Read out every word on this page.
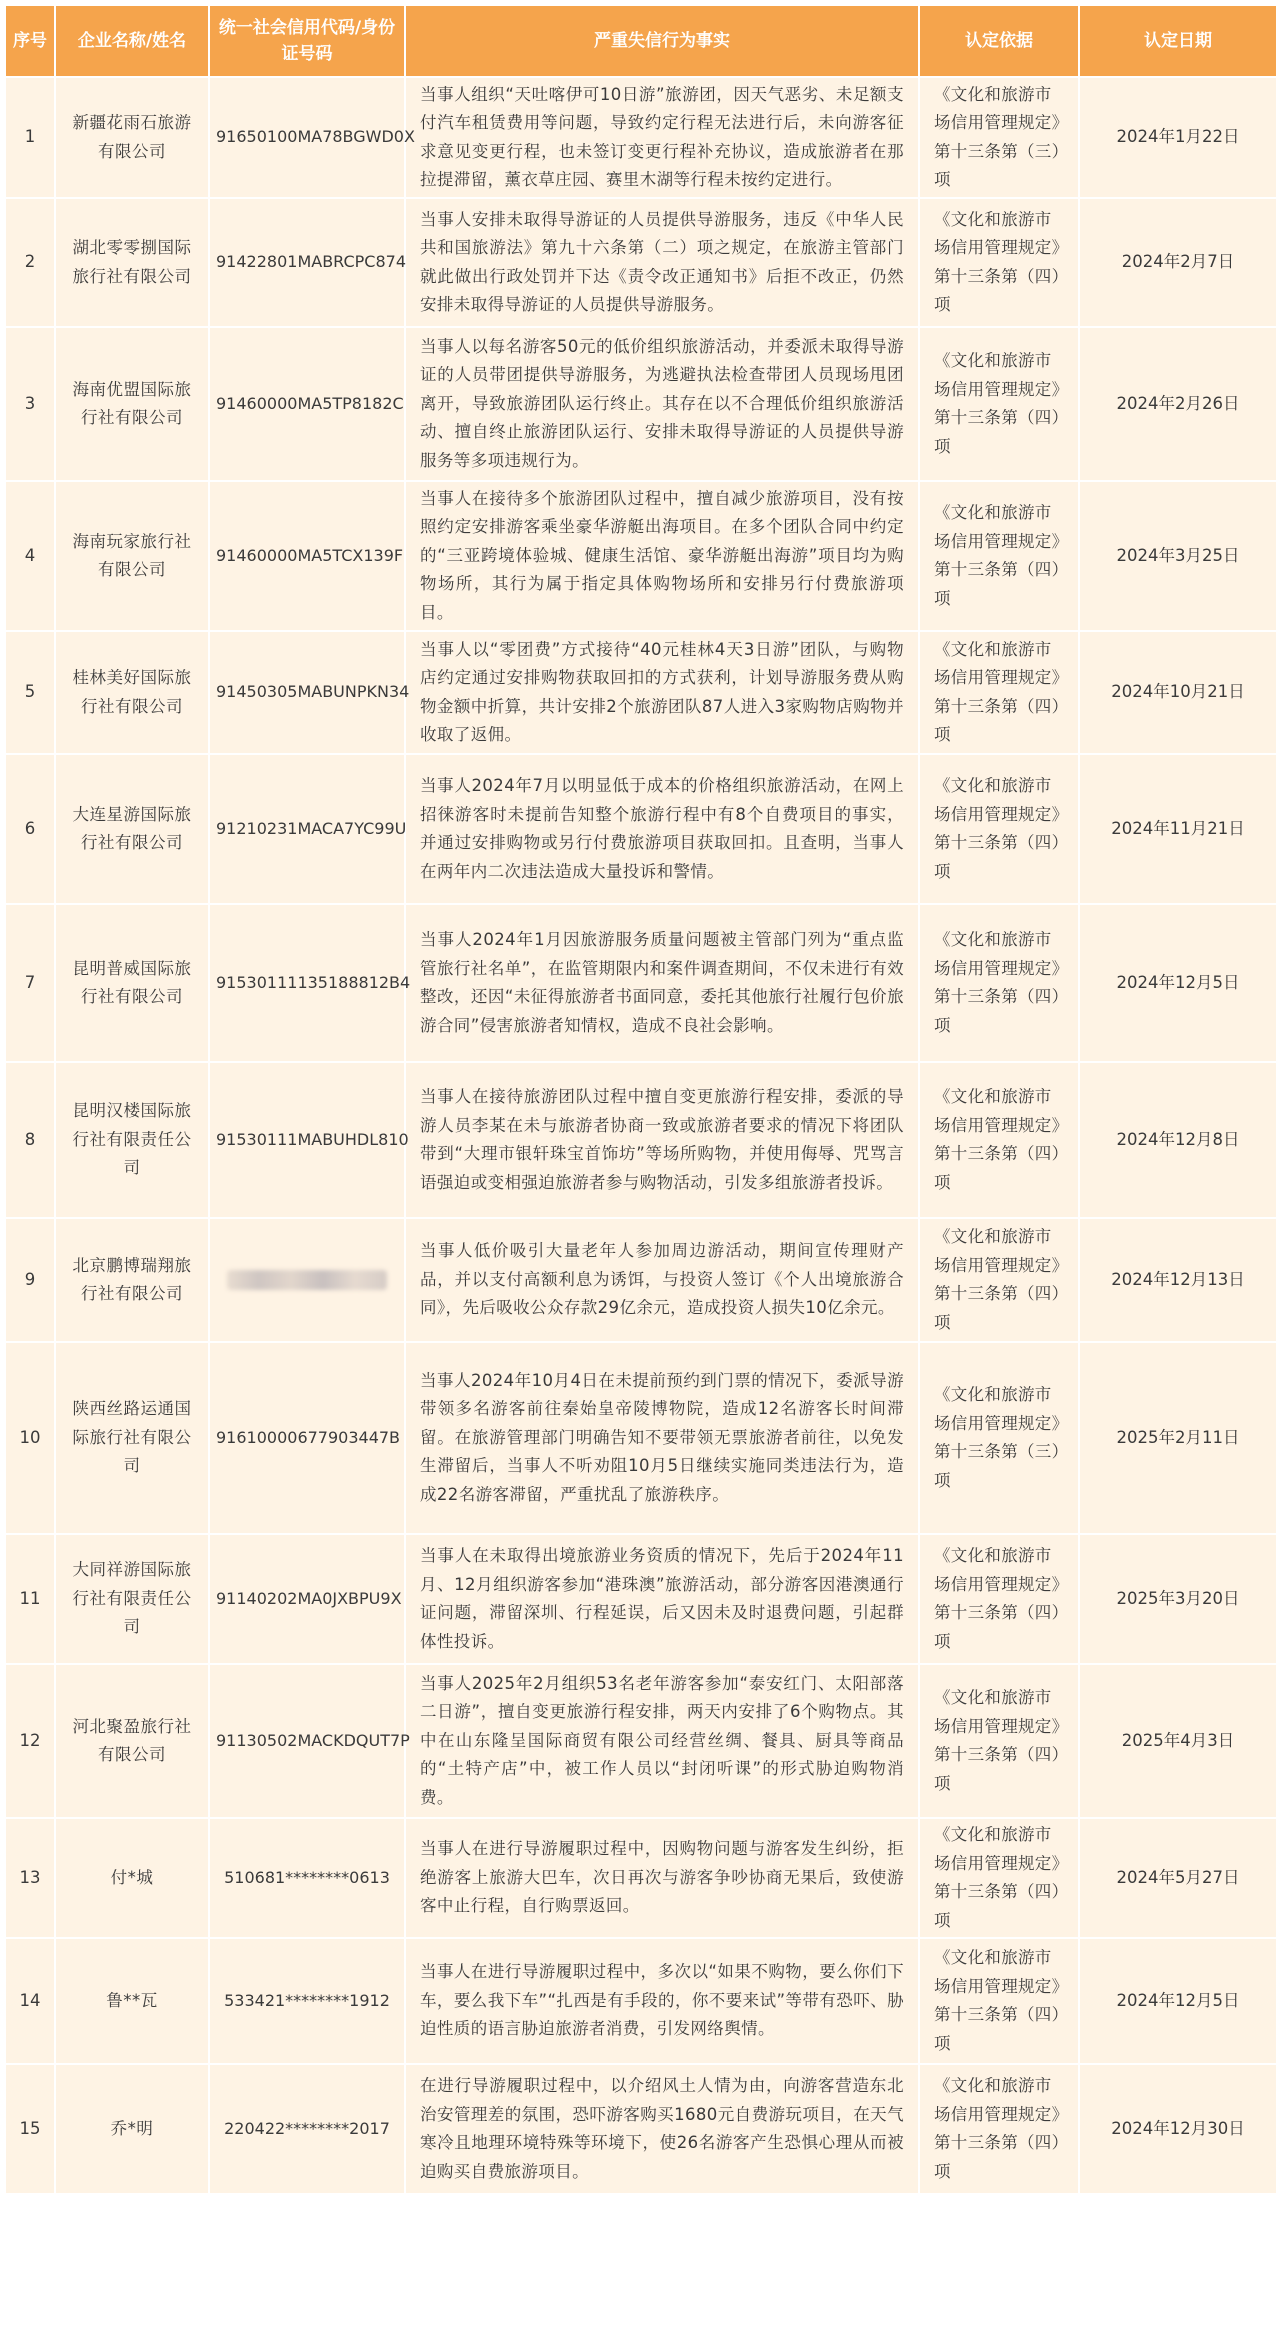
序号	企业名称/姓名	统一社会信用代码/身份证号码	严重失信行为事实	认定依据	认定日期
1	新疆花雨石旅游有限公司	91650100MA78BGWD0X	当事人组织“天吐喀伊可10日游”旅游团，因天气恶劣、未足额支付汽车租赁费用等问题，导致约定行程无法进行后，未向游客征求意见变更行程，也未签订变更行程补充协议，造成旅游者在那拉提滞留，薰衣草庄园、赛里木湖等行程未按约定进行。	《文化和旅游市场信用管理规定》第十三条第（三）项	2024年1月22日
2	湖北零零捌国际旅行社有限公司	91422801MABRCPC874	当事人安排未取得导游证的人员提供导游服务，违反《中华人民共和国旅游法》第九十六条第（二）项之规定，在旅游主管部门就此做出行政处罚并下达《责令改正通知书》后拒不改正，仍然安排未取得导游证的人员提供导游服务。	《文化和旅游市场信用管理规定》第十三条第（四）项	2024年2月7日
3	海南优盟国际旅行社有限公司	91460000MA5TP8182C	当事人以每名游客50元的低价组织旅游活动，并委派未取得导游证的人员带团提供导游服务，为逃避执法检查带团人员现场甩团离开，导致旅游团队运行终止。其存在以不合理低价组织旅游活动、擅自终止旅游团队运行、安排未取得导游证的人员提供导游服务等多项违规行为。	《文化和旅游市场信用管理规定》第十三条第（四）项	2024年2月26日
4	海南玩家旅行社有限公司	91460000MA5TCX139F	当事人在接待多个旅游团队过程中，擅自减少旅游项目，没有按照约定安排游客乘坐豪华游艇出海项目。在多个团队合同中约定的“三亚跨境体验城、健康生活馆、豪华游艇出海游”项目均为购物场所，其行为属于指定具体购物场所和安排另行付费旅游项目。	《文化和旅游市场信用管理规定》第十三条第（四）项	2024年3月25日
5	桂林美好国际旅行社有限公司	91450305MABUNPKN34	当事人以“零团费”方式接待“40元桂林4天3日游”团队，与购物店约定通过安排购物获取回扣的方式获利，计划导游服务费从购物金额中折算，共计安排2个旅游团队87人进入3家购物店购物并收取了返佣。	《文化和旅游市场信用管理规定》第十三条第（四）项	2024年10月21日
6	大连星游国际旅行社有限公司	91210231MACA7YC99U	当事人2024年7月以明显低于成本的价格组织旅游活动，在网上招徕游客时未提前告知整个旅游行程中有8个自费项目的事实，并通过安排购物或另行付费旅游项目获取回扣。且查明，当事人在两年内二次违法造成大量投诉和警情。	《文化和旅游市场信用管理规定》第十三条第（四）项	2024年11月21日
7	昆明普威国际旅行社有限公司	91530111135188812B4	当事人2024年1月因旅游服务质量问题被主管部门列为“重点监管旅行社名单”，在监管期限内和案件调查期间，不仅未进行有效整改，还因“未征得旅游者书面同意，委托其他旅行社履行包价旅游合同”侵害旅游者知情权，造成不良社会影响。	《文化和旅游市场信用管理规定》第十三条第（四）项	2024年12月5日
8	昆明汉楼国际旅行社有限责任公司	91530111MABUHDL810	当事人在接待旅游团队过程中擅自变更旅游行程安排，委派的导游人员李某在未与旅游者协商一致或旅游者要求的情况下将团队带到“大理市银轩珠宝首饰坊”等场所购物，并使用侮辱、咒骂言语强迫或变相强迫旅游者参与购物活动，引发多组旅游者投诉。	《文化和旅游市场信用管理规定》第十三条第（四）项	2024年12月8日
9	北京鹏博瑞翔旅行社有限公司		当事人低价吸引大量老年人参加周边游活动，期间宣传理财产品，并以支付高额利息为诱饵，与投资人签订《个人出境旅游合同》，先后吸收公众存款29亿余元，造成投资人损失10亿余元。	《文化和旅游市场信用管理规定》第十三条第（四）项	2024年12月13日
10	陕西丝路运通国际旅行社有限公司	91610000677903447B	当事人2024年10月4日在未提前预约到门票的情况下，委派导游带领多名游客前往秦始皇帝陵博物院，造成12名游客长时间滞留。在旅游管理部门明确告知不要带领无票旅游者前往，以免发生滞留后，当事人不听劝阻10月5日继续实施同类违法行为，造成22名游客滞留，严重扰乱了旅游秩序。	《文化和旅游市场信用管理规定》第十三条第（三）项	2025年2月11日
11	大同祥游国际旅行社有限责任公司	91140202MA0JXBPU9X	当事人在未取得出境旅游业务资质的情况下，先后于2024年11月、12月组织游客参加“港珠澳”旅游活动，部分游客因港澳通行证问题，滞留深圳、行程延误，后又因未及时退费问题，引起群体性投诉。	《文化和旅游市场信用管理规定》第十三条第（四）项	2025年3月20日
12	河北聚盈旅行社有限公司	91130502MACKDQUT7P	当事人2025年2月组织53名老年游客参加“泰安红门、太阳部落二日游”，擅自变更旅游行程安排，两天内安排了6个购物点。其中在山东隆呈国际商贸有限公司经营丝绸、餐具、厨具等商品的“土特产店”中，被工作人员以“封闭听课”的形式胁迫购物消费。	《文化和旅游市场信用管理规定》第十三条第（四）项	2025年4月3日
13	付*城	510681********0613	当事人在进行导游履职过程中，因购物问题与游客发生纠纷，拒绝游客上旅游大巴车，次日再次与游客争吵协商无果后，致使游客中止行程，自行购票返回。	《文化和旅游市场信用管理规定》第十三条第（四）项	2024年5月27日
14	鲁**瓦	533421********1912	当事人在进行导游履职过程中，多次以“如果不购物，要么你们下车，要么我下车”“扎西是有手段的，你不要来试”等带有恐吓、胁迫性质的语言胁迫旅游者消费，引发网络舆情。	《文化和旅游市场信用管理规定》第十三条第（四）项	2024年12月5日
15	乔*明	220422********2017	在进行导游履职过程中，以介绍风土人情为由，向游客营造东北治安管理差的氛围，恐吓游客购买1680元自费游玩项目，在天气寒冷且地理环境特殊等环境下，使26名游客产生恐惧心理从而被迫购买自费旅游项目。	《文化和旅游市场信用管理规定》第十三条第（四）项	2024年12月30日
